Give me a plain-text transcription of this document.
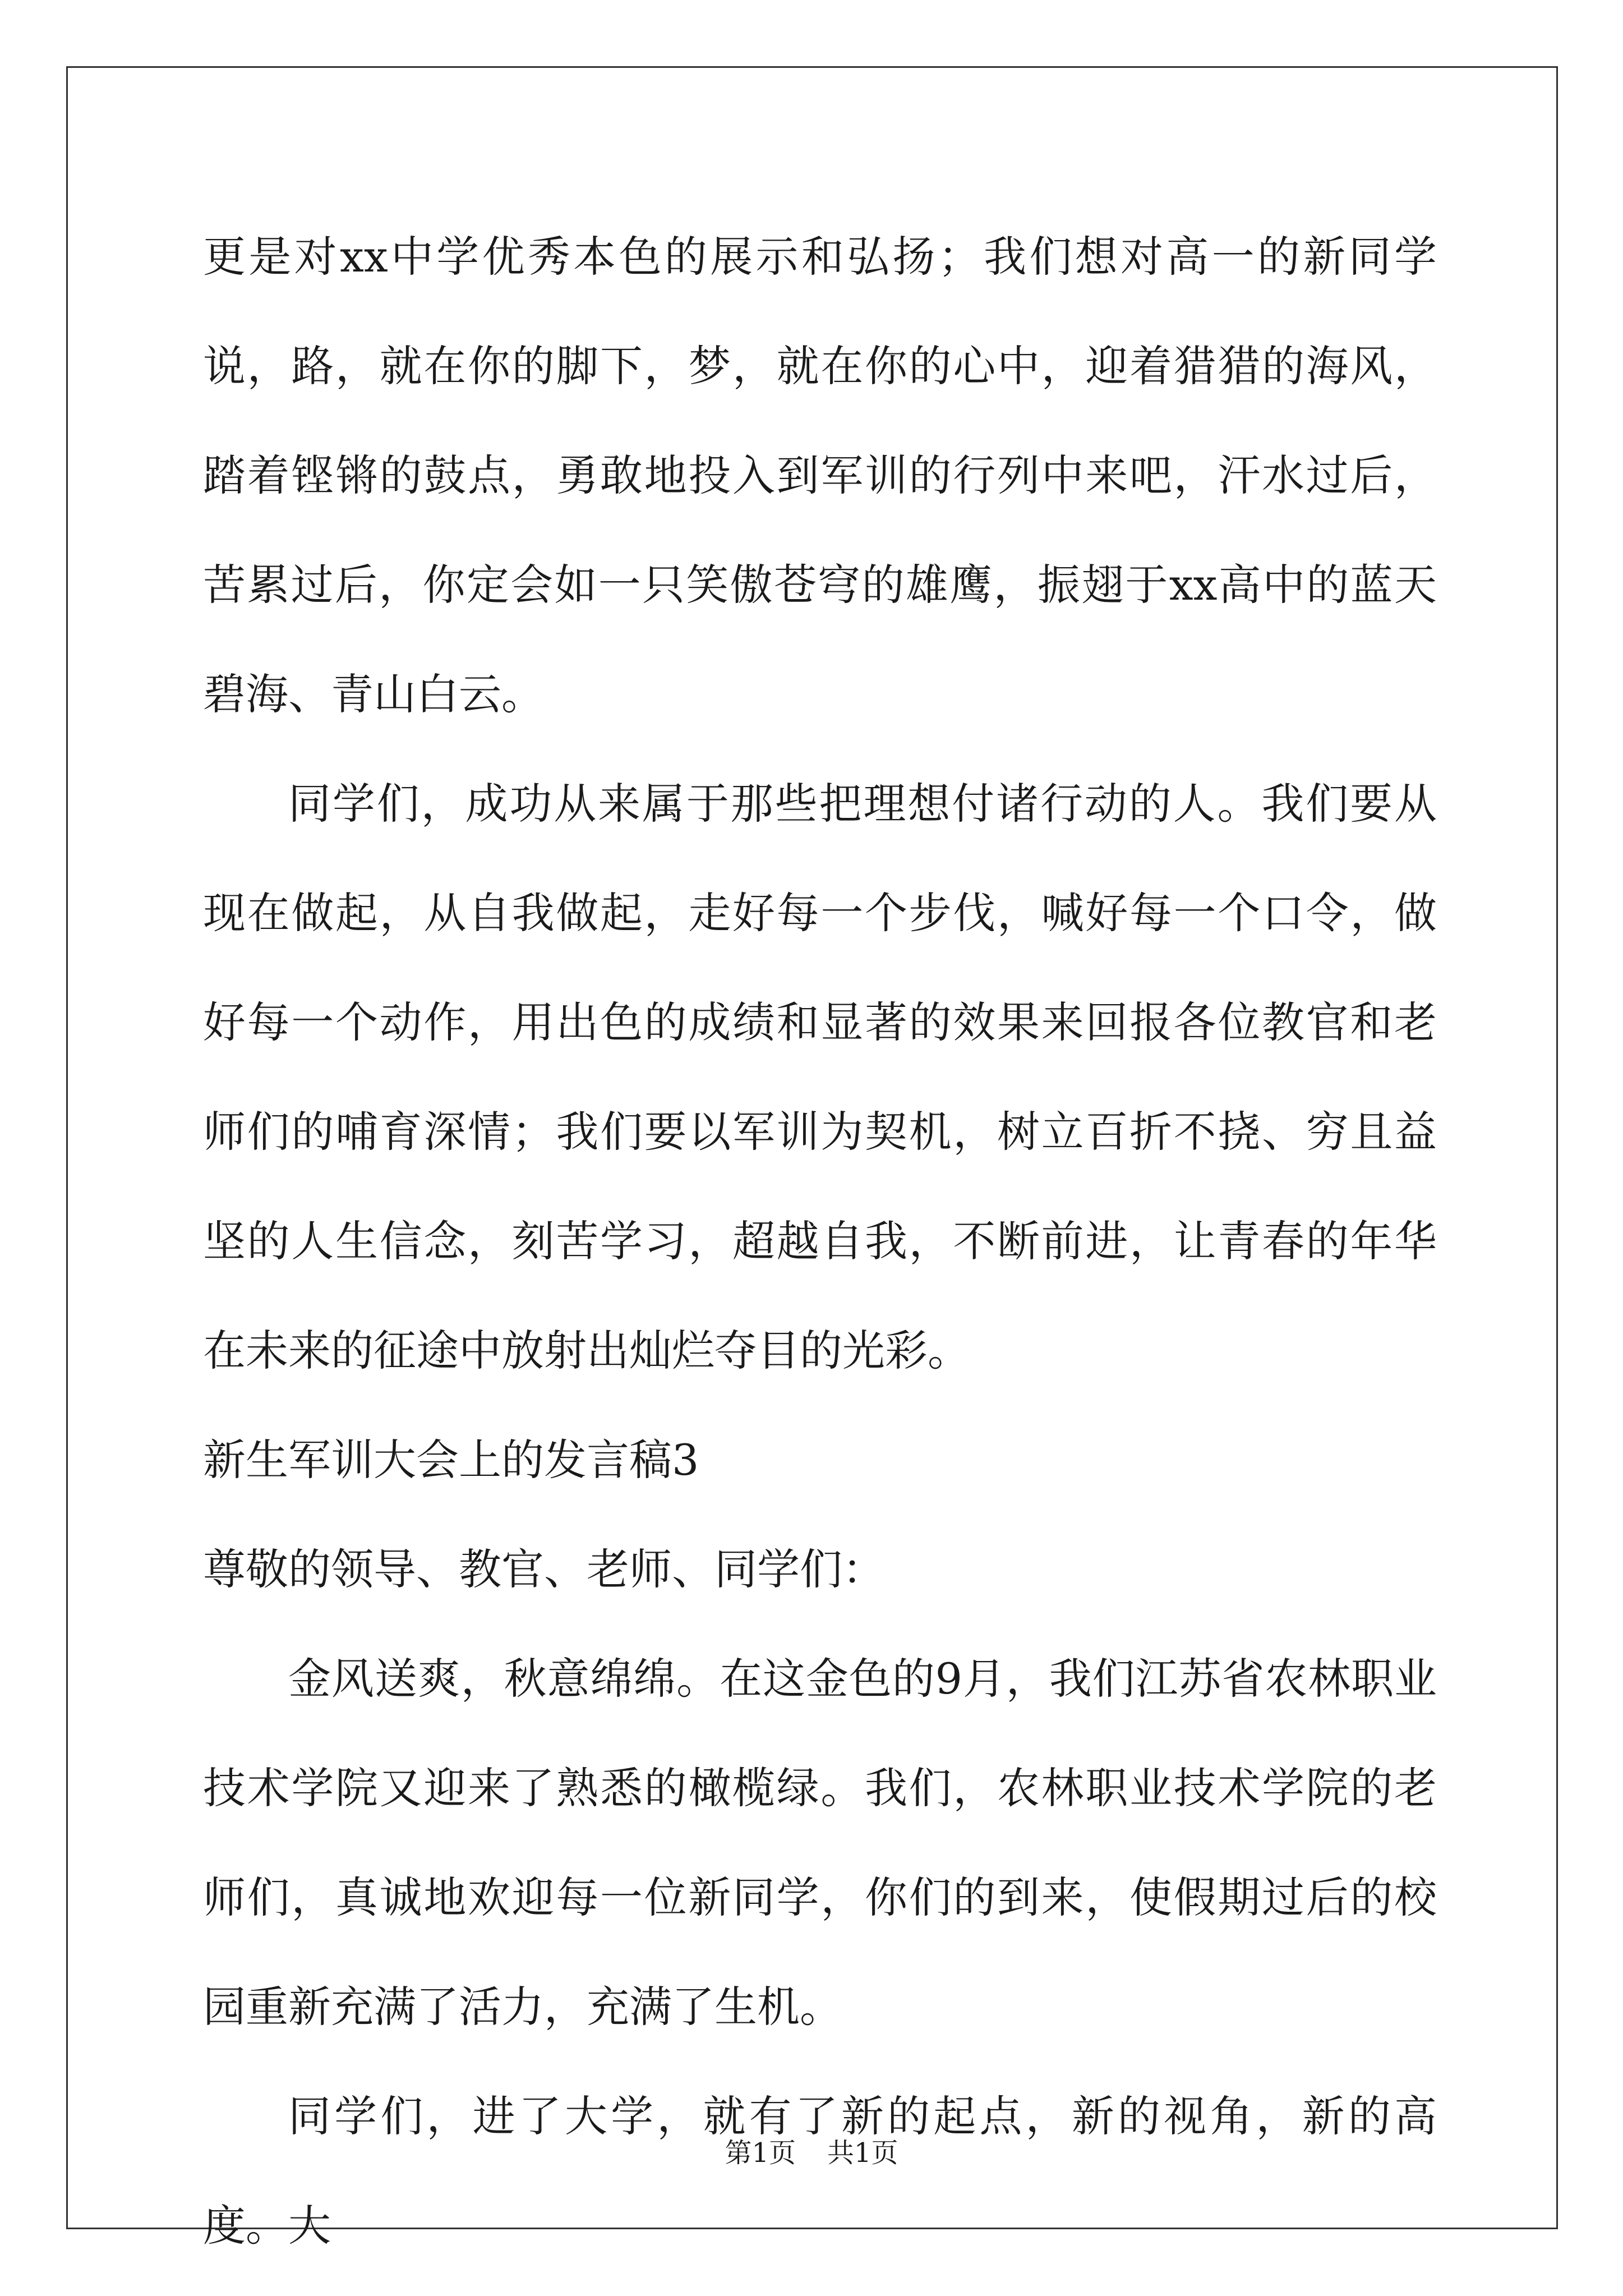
更是对xx中学优秀本色的展示和弘扬；我们想对高一的新同学说，路，就在你的脚下，梦，就在你的心中，迎着猎猎的海风，踏着铿锵的鼓点，勇敢地投入到军训的行列中来吧，汗水过后，苦累过后，你定会如一只笑傲苍穹的雄鹰，振翅于xx高中的蓝天碧海、青山白云。

同学们，成功从来属于那些把理想付诸行动的人。我们要从现在做起，从自我做起，走好每一个步伐，喊好每一个口令，做好每一个动作，用出色的成绩和显著的效果来回报各位教官和老师们的哺育深情；我们要以军训为契机，树立百折不挠、穷且益坚的人生信念，刻苦学习，超越自我，不断前进，让青春的年华在未来的征途中放射出灿烂夺目的光彩。

新生军训大会上的发言稿3

尊敬的领导、教官、老师、同学们：

金风送爽，秋意绵绵。在这金色的9月，我们江苏省农林职业技术学院又迎来了熟悉的橄榄绿。我们，农林职业技术学院的老师们，真诚地欢迎每一位新同学，你们的到来，使假期过后的校园重新充满了活力，充满了生机。

同学们，进了大学，就有了新的起点，新的视角，新的高度。大

第1页 共1页
